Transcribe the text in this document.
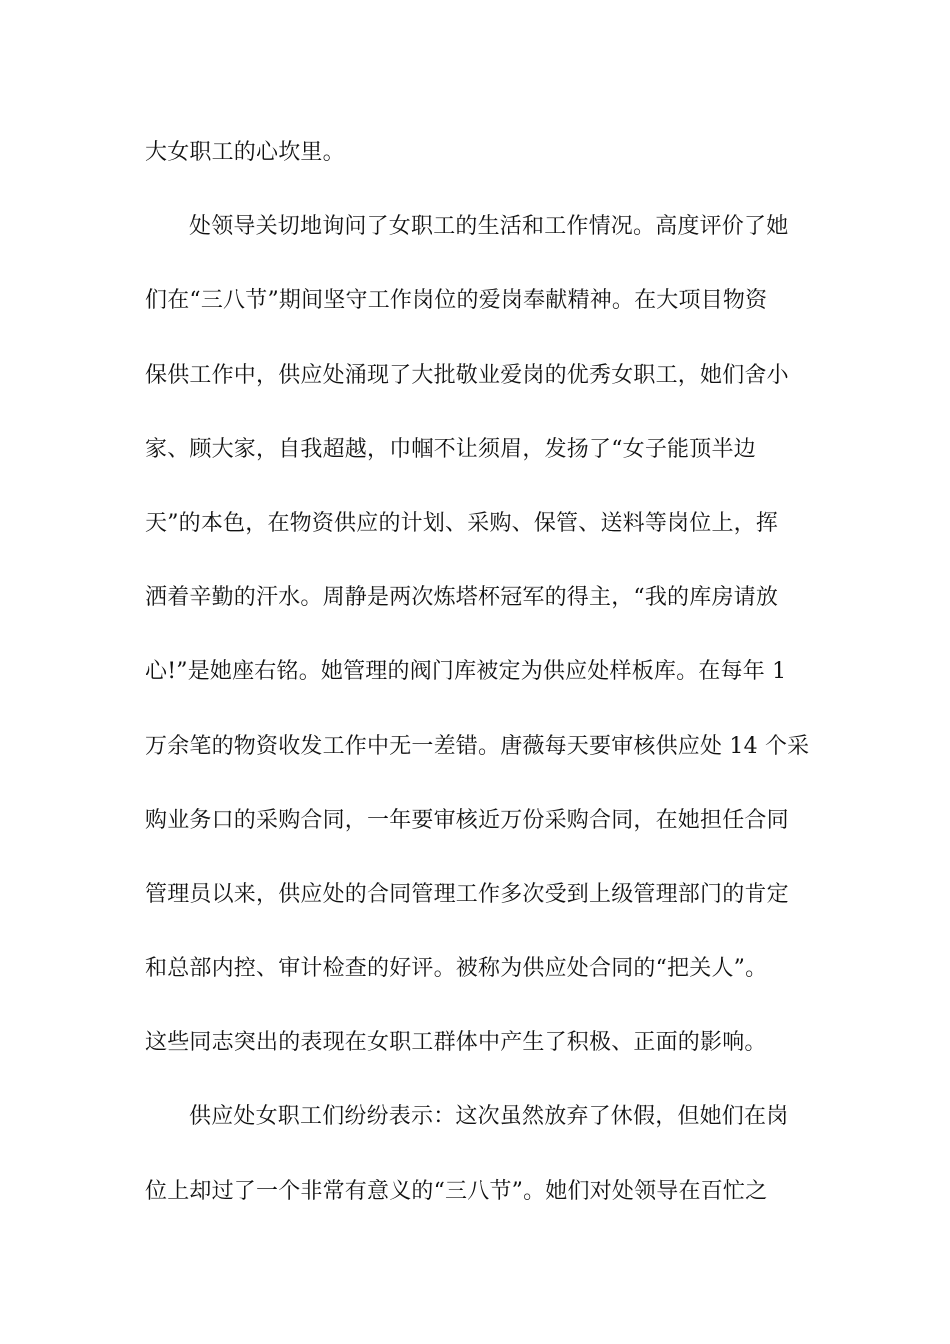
大女职工的心坎里。
处领导关切地询问了女职工的生活和工作情况。高度评价了她
们在“三八节”期间坚守工作岗位的爱岗奉献精神。在大项目物资
保供工作中，供应处涌现了大批敬业爱岗的优秀女职工，她们舍小
家、顾大家，自我超越，巾帼不让须眉，发扬了“女子能顶半边
天”的本色，在物资供应的计划、采购、保管、送料等岗位上，挥
洒着辛勤的汗水。周静是两次炼塔杯冠军的得主，“我的库房请放
心!”是她座右铭。她管理的阀门库被定为供应处样板库。在每年 1
万余笔的物资收发工作中无一差错。唐薇每天要审核供应处 14 个采
购业务口的采购合同，一年要审核近万份采购合同，在她担任合同
管理员以来，供应处的合同管理工作多次受到上级管理部门的肯定
和总部内控、审计检查的好评。被称为供应处合同的“把关人”。
这些同志突出的表现在女职工群体中产生了积极、正面的影响。
供应处女职工们纷纷表示：这次虽然放弃了休假，但她们在岗
位上却过了一个非常有意义的“三八节”。她们对处领导在百忙之
